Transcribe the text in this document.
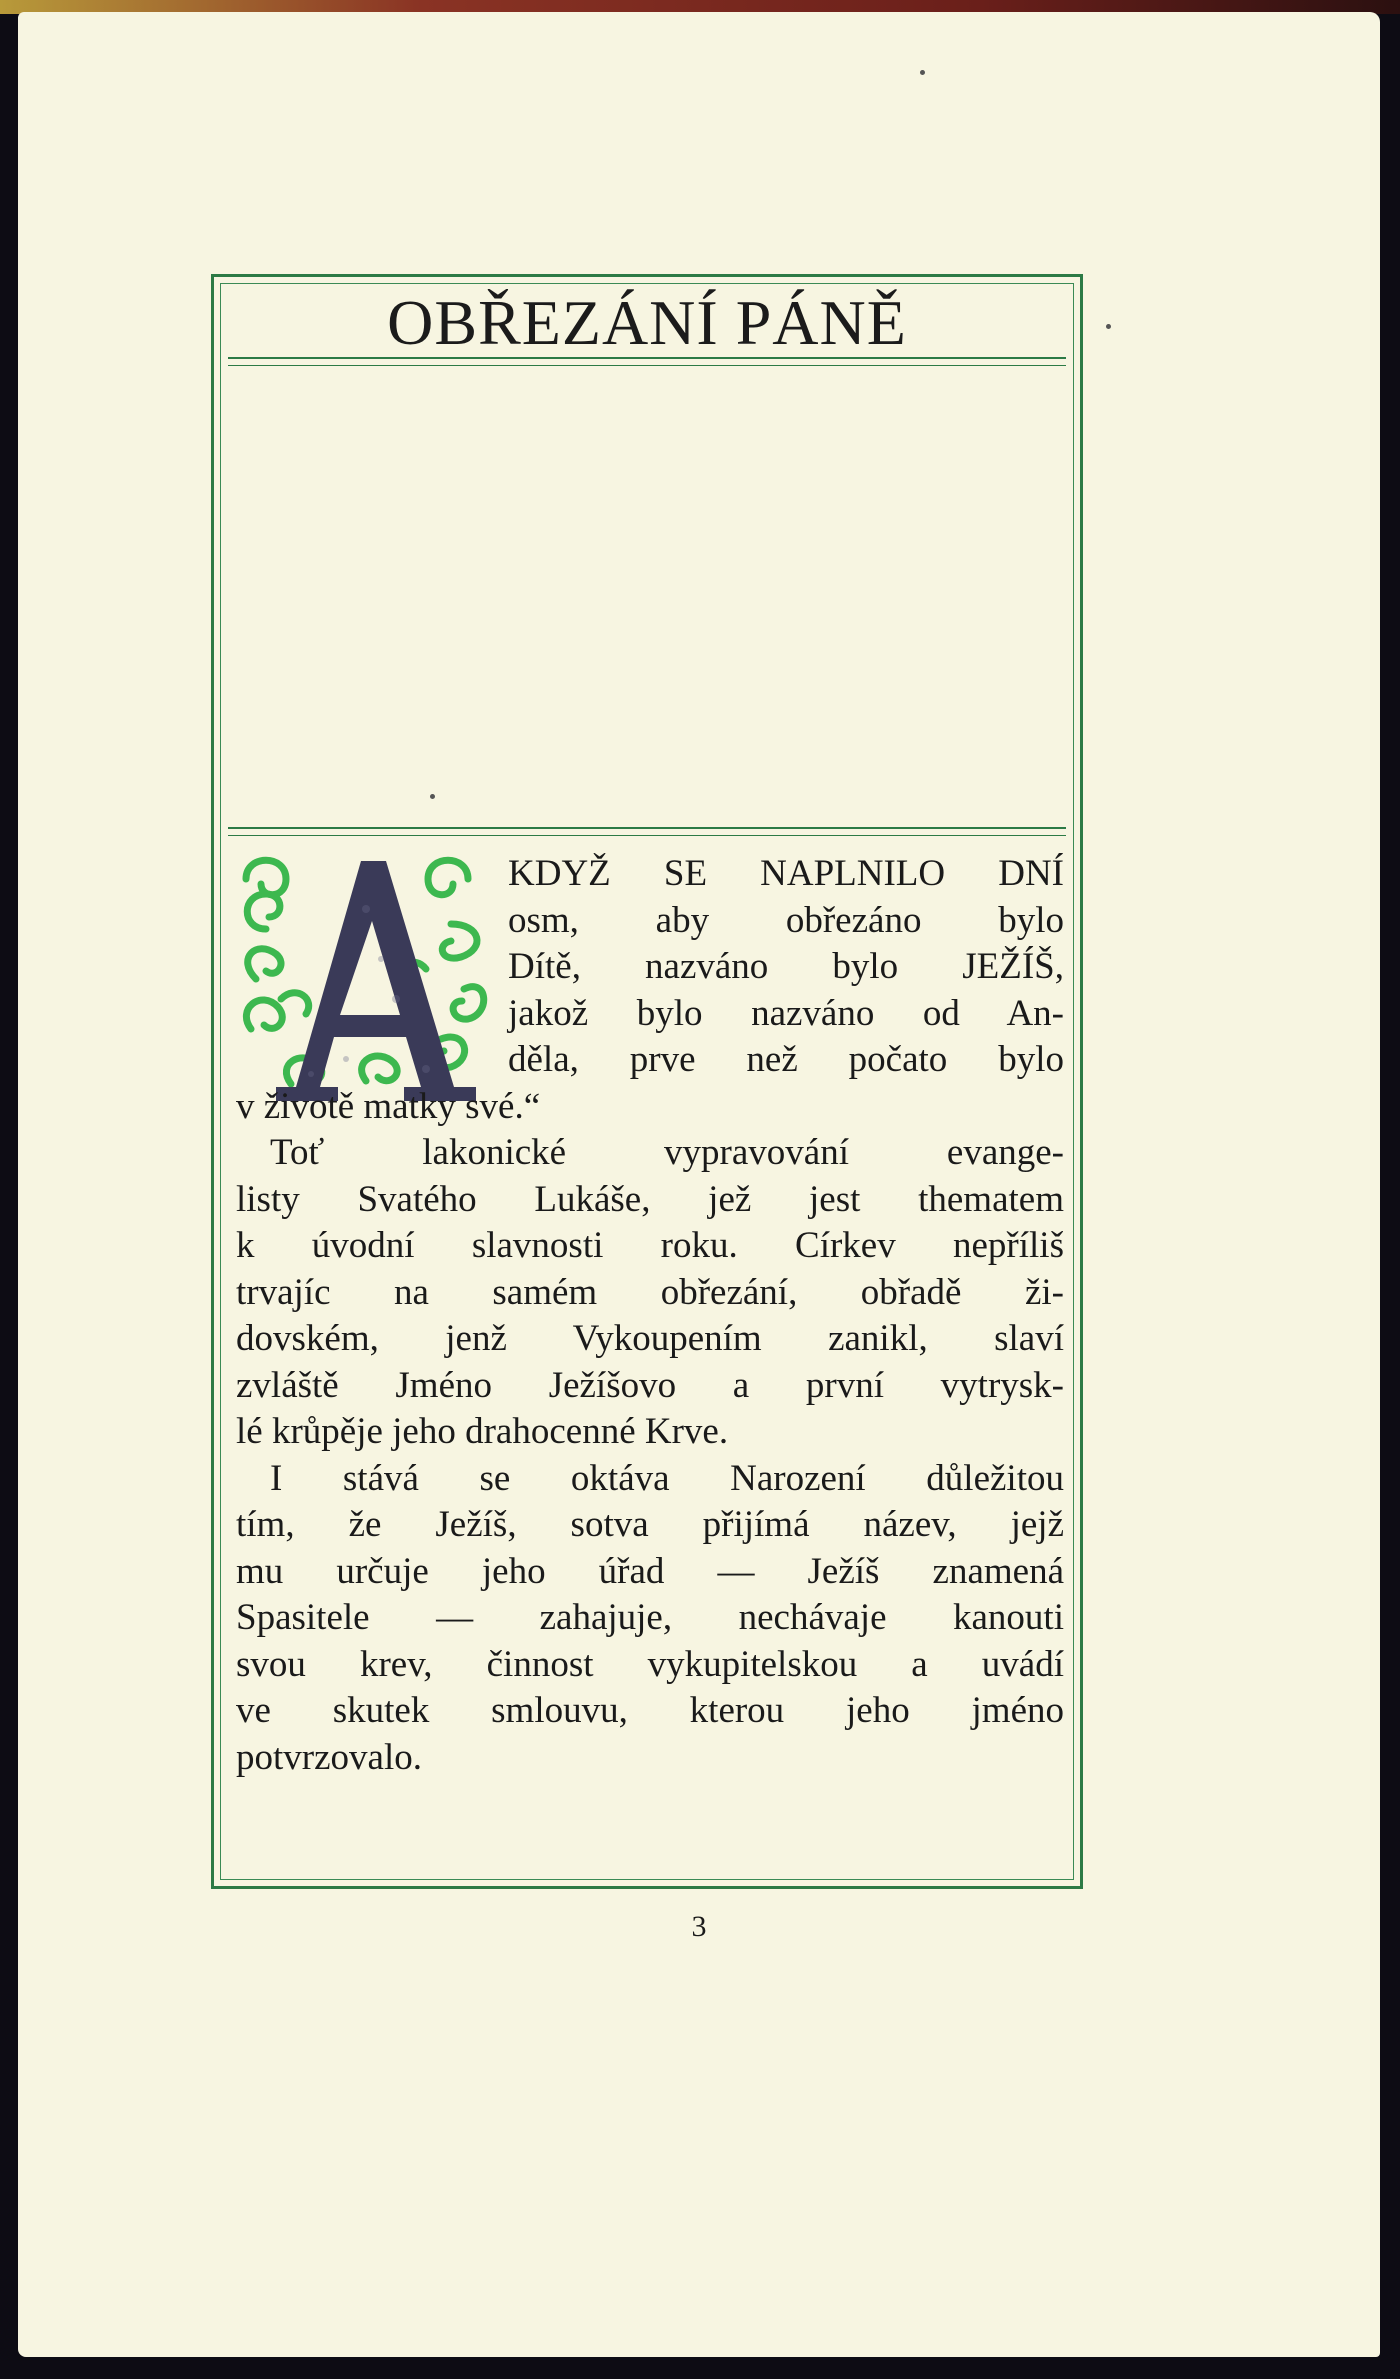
OBŘEZÁNÍ PÁNĚ
A	KDYŽ SE NAPLNILO DNÍ
osm, aby obřezáno bylo
Dítě, nazváno bylo JEŽÍŠ,
jakož bylo nazváno od An-
děla, prve než počato bylo
v životě matky své.“
Toť lakonické vypravování evange-
listy Svatého Lukáše, jež jest thematem
k úvodní slavnosti roku. Církev nepříliš
trvajíc na samém obřezání, obřadě ži-
dovském, jenž Vykoupením zanikl, slaví
zvláště Jméno Ježíšovo a první vytrysk-
lé krůpěje jeho drahocenné Krve.
I stává se oktáva Narození důležitou
tím, že Ježíš, sotva přijímá název, jejž
mu určuje jeho úřad — Ježíš znamená
Spasitele — zahajuje, nechávaje kanouti
svou krev, činnost vykupitelskou a uvádí
ve skutek smlouvu, kterou jeho jméno
potvrzovalo.
3
